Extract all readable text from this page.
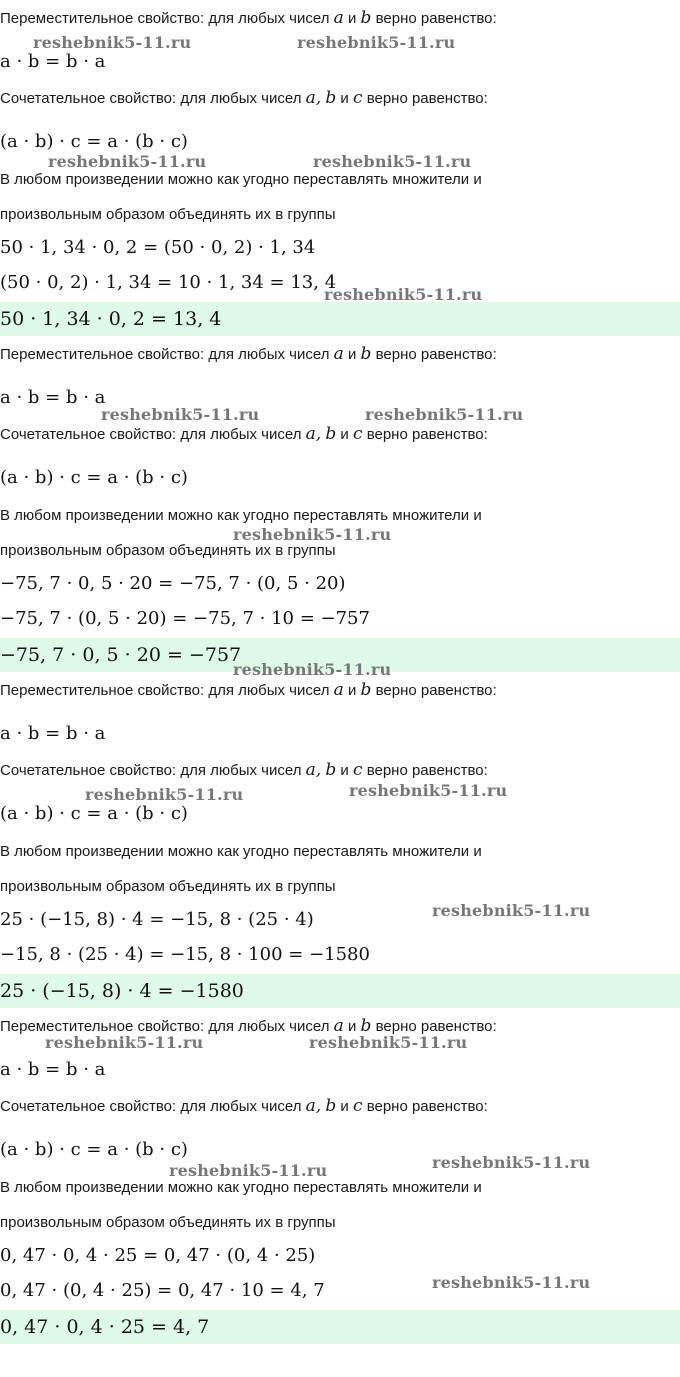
Переместительное свойство: для любых чисел a и b верно равенство:
a · b = b · a
Сочетательное свойство: для любых чисел a, b и c верно равенство:
(a · b) · c = a · (b · c)
В любом произведении можно как угодно переставлять множители и
произвольным образом объединять их в группы
50 · 1, 34 · 0, 2 = (50 · 0, 2) · 1, 34
(50 · 0, 2) · 1, 34 = 10 · 1, 34 = 13, 4
50 · 1, 34 · 0, 2 = 13, 4
reshebnik5-11.ru	reshebnik5-11.ru
reshebnik5-11.ru	reshebnik5-11.ru
reshebnik5-11.ru
Переместительное свойство: для любых чисел a и b верно равенство:
a · b = b · a
Сочетательное свойство: для любых чисел a, b и c верно равенство:
(a · b) · c = a · (b · c)
В любом произведении можно как угодно переставлять множители и
произвольным образом объединять их в группы
−75, 7 · 0, 5 · 20 = −75, 7 · (0, 5 · 20)
−75, 7 · (0, 5 · 20) = −75, 7 · 10 = −757
−75, 7 · 0, 5 · 20 = −757
reshebnik5-11.ru	reshebnik5-11.ru
reshebnik5-11.ru
reshebnik5-11.ru
Переместительное свойство: для любых чисел a и b верно равенство:
a · b = b · a
Сочетательное свойство: для любых чисел a, b и c верно равенство:
(a · b) · c = a · (b · c)
В любом произведении можно как угодно переставлять множители и
произвольным образом объединять их в группы
25 · (−15, 8) · 4 = −15, 8 · (25 · 4)
−15, 8 · (25 · 4) = −15, 8 · 100 = −1580
25 · (−15, 8) · 4 = −1580
reshebnik5-11.ru	reshebnik5-11.ru
reshebnik5-11.ru
Переместительное свойство: для любых чисел a и b верно равенство:
a · b = b · a
Сочетательное свойство: для любых чисел a, b и c верно равенство:
(a · b) · c = a · (b · c)
В любом произведении можно как угодно переставлять множители и
произвольным образом объединять их в группы
0, 47 · 0, 4 · 25 = 0, 47 · (0, 4 · 25)
0, 47 · (0, 4 · 25) = 0, 47 · 10 = 4, 7
0, 47 · 0, 4 · 25 = 4, 7
reshebnik5-11.ru	reshebnik5-11.ru
reshebnik5-11.ru	reshebnik5-11.ru
reshebnik5-11.ru
